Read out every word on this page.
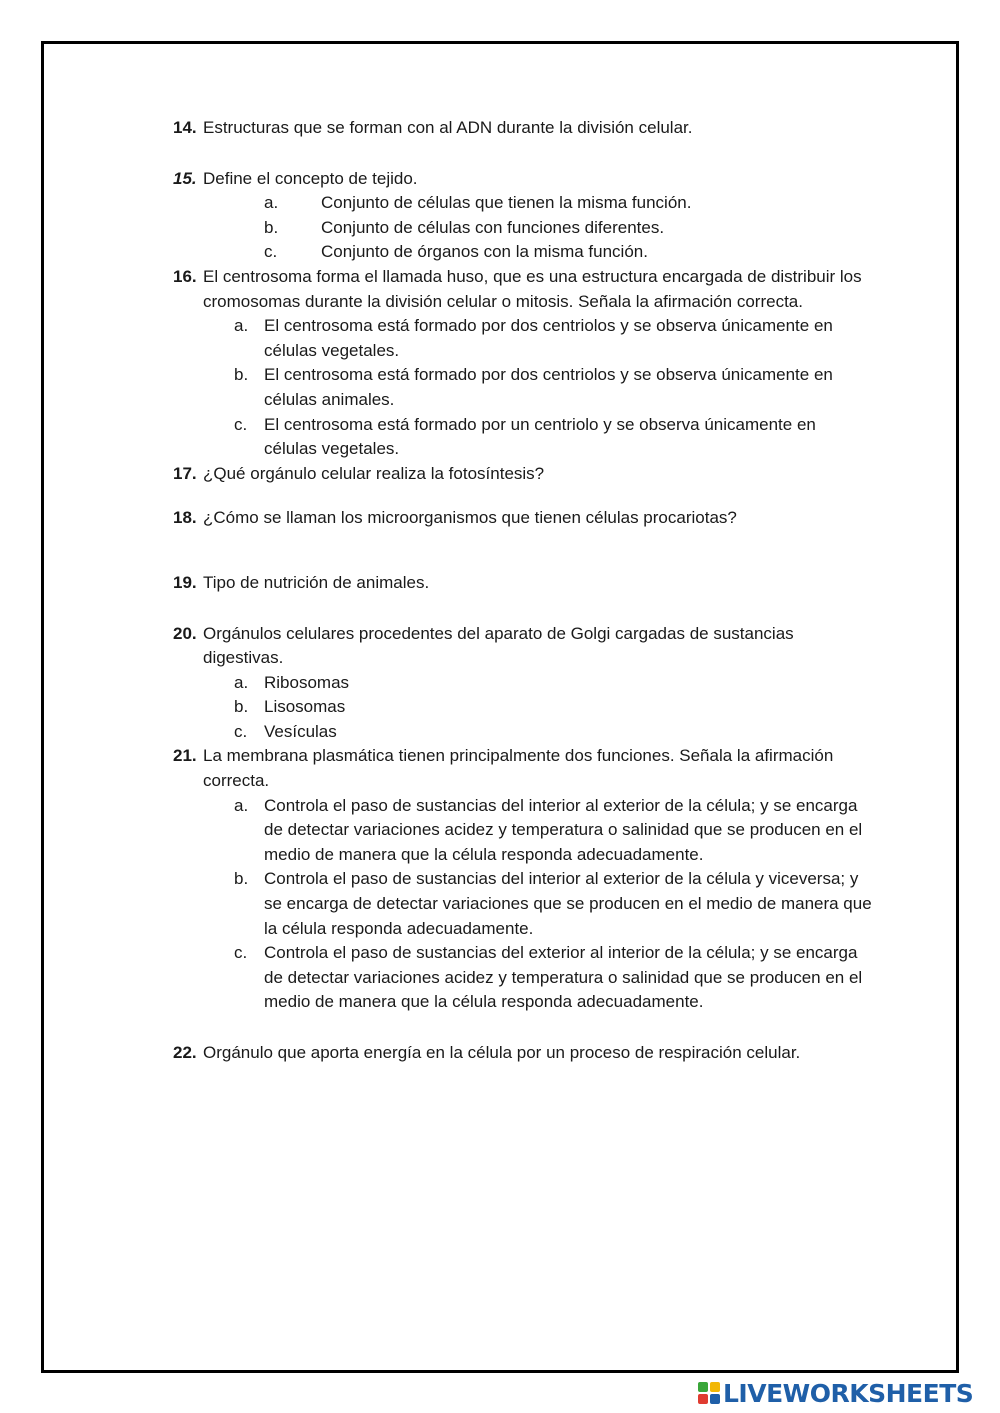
14. Estructuras que se forman con al ADN durante la división celular.
15. Define el concepto de tejido.
a.	Conjunto de células que tienen la misma función.
b.	Conjunto de células con funciones diferentes.
c.	Conjunto de órganos con la misma función.
16. El centrosoma forma el llamada huso, que es una estructura encargada de distribuir los cromosomas durante la división celular o mitosis. Señala la afirmación correcta.
a. El centrosoma está formado por dos centriolos y se observa únicamente en células vegetales.
b. El centrosoma está formado por dos centriolos y se observa únicamente en células animales.
c. El centrosoma está formado por un centriolo y se observa únicamente en células vegetales.
17. ¿Qué orgánulo celular realiza la fotosíntesis?
18. ¿Cómo se llaman los microorganismos que tienen células procariotas?
19. Tipo de nutrición de animales.
20. Orgánulos celulares procedentes del aparato de Golgi cargadas de sustancias digestivas.
a. Ribosomas
b. Lisosomas
c. Vesículas
21. La membrana plasmática tienen principalmente dos funciones. Señala la afirmación correcta.
a. Controla el paso de sustancias del interior al exterior de la célula; y se encarga de detectar variaciones acidez y temperatura o salinidad que se producen en el medio de manera que la célula responda adecuadamente.
b. Controla el paso de sustancias del interior al exterior de la célula y viceversa; y se encarga de detectar variaciones que se producen en el medio de manera que la célula responda adecuadamente.
c. Controla el paso de sustancias del exterior al interior de la célula; y se encarga de detectar variaciones acidez y temperatura o salinidad que se producen en el medio de manera que la célula responda adecuadamente.
22. Orgánulo que aporta energía en la célula por un proceso de respiración celular.
LIVEWORKSHEETS
